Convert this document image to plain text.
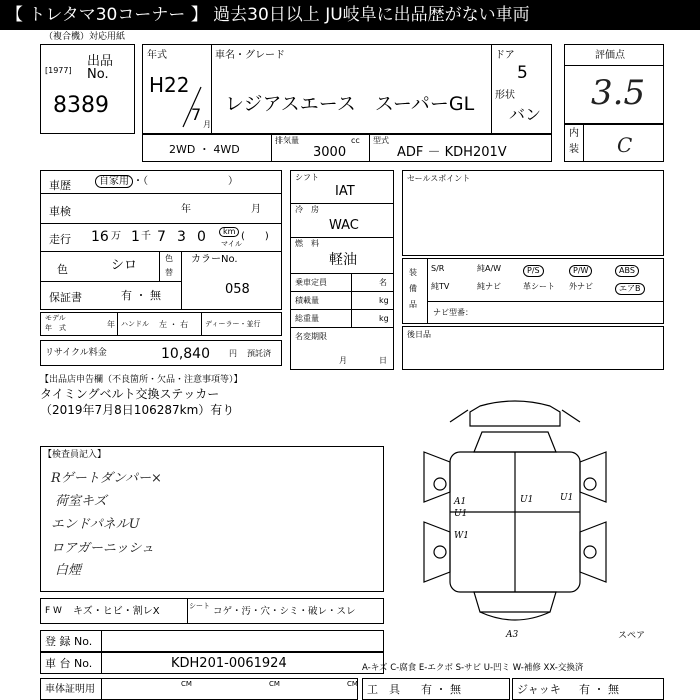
【 トレタマ30コーナー 】 過去30日以上 JU岐阜に出品歴がない車両
（複合機）対応用紙
出品 No.
[1977]
8389
年式
H22
7
月
車名・グレード
レジアスエース　スーパーGL
ドア
5
形状
バン
評価点
3.5
内
装 C
2WD ・ 4WD
排気量	cc
3000
型式
ADF － KDH201V
車歴	自家用 ・（　　　　　　　　）
車検	年	月
走行 16 万 1 千 7 3 0	km
マイル
(　　)
色	シロ	色
替
カラーNo.
058
保証書	有 ・ 無
モデル
年　式	年 ハンドル 左 ・ 右 ディーラー・並行
リサイクル料金	10,840 円 預託済
シフト
IAT
冷　房
WAC
燃　料
軽油
乗車定員	名
積載量	kg
総重量	kg
名変期限
月	日
セールスポイント
装
備
品
S/R	純A/W	P/S	P/W	ABS
純TV	純ナビ	革シート 外ナビ	エアB
ナビ型番：
後日品
【出品店申告欄（不良箇所・欠品・注意事項等）】
タイミングベルト交換ステッカー
（2019年7月8日106287km）有り
【検査員記入】
Rゲートダンパー×
荷室キズ
エンドパネルU
ロアガーニッシュ
白煙
A1	U1
U1
W1
U1
A3	スペア
F W キズ・ヒビ・割レX	シート コゲ・汚・穴・シミ・破レ・スレ
登 録 No.
車 台 No.	KDH201-0061924	A-キズ C-腐食 E-エクボ S-サビ U-凹ミ W-補修 XX-交換済
車体証明用	CM	CM	CM 工　具 有 ・ 無	ジャッキ 有 ・ 無
